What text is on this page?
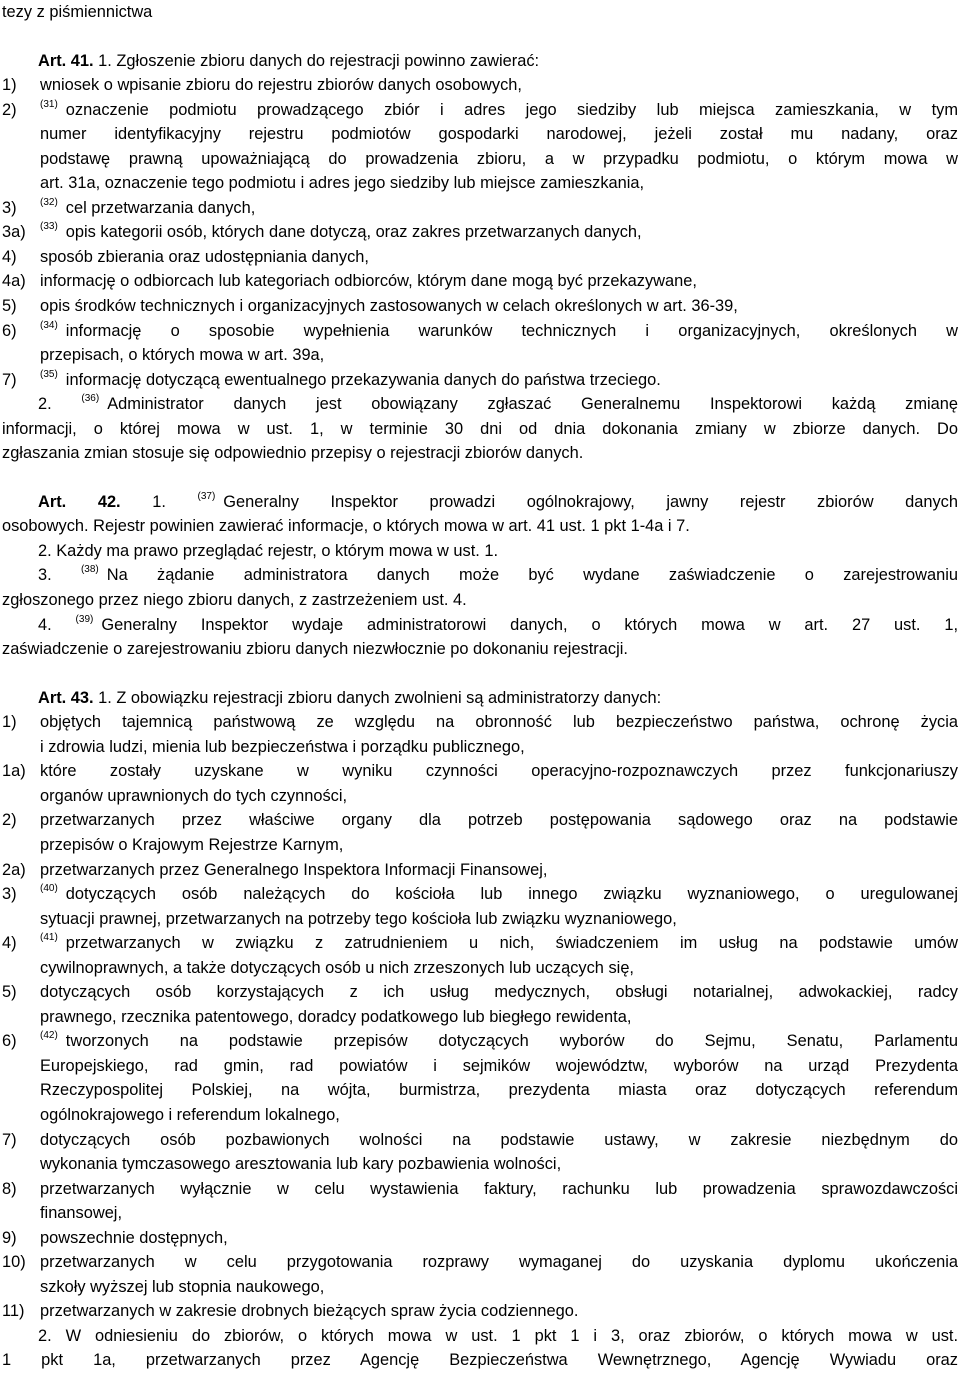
tezy z piśmiennictwa
Art. 41. 1. Zgłoszenie zbioru danych do rejestracji powinno zawierać:
1) wniosek o wpisanie zbioru do rejestru zbiorów danych osobowych,
2) $^{(31)}$ oznaczenie podmiotu prowadzącego zbiór i adres jego siedziby lub miejsca zamieszkania, w tym
numer identyfikacyjny rejestru podmiotów gospodarki narodowej, jeżeli został mu nadany, oraz
podstawę prawną upoważniającą do prowadzenia zbioru, a w przypadku podmiotu, o którym mowa w
art. 31a, oznaczenie tego podmiotu i adres jego siedziby lub miejsce zamieszkania,
3) $^{(32)}$ cel przetwarzania danych,
3a) $^{(33)}$ opis kategorii osób, których dane dotyczą, oraz zakres przetwarzanych danych,
4) sposób zbierania oraz udostępniania danych,
4a) informację o odbiorcach lub kategoriach odbiorców, którym dane mogą być przekazywane,
5) opis środków technicznych i organizacyjnych zastosowanych w celach określonych w art. 36-39,
6) $^{(34)}$ informację o sposobie wypełnienia warunków technicznych i organizacyjnych, określonych w
przepisach, o których mowa w art. 39a,
7) $^{(35)}$ informację dotyczącą ewentualnego przekazywania danych do państwa trzeciego.
2.	$^{(36)}$ Administrator danych jest obowiązany zgłaszać Generalnemu Inspektorowi każdą zmianę
informacji, o której mowa w ust. 1, w terminie 30 dni od dnia dokonania zmiany w zbiorze danych. Do
zgłaszania zmian stosuje się odpowiednio przepisy o rejestracji zbiorów danych.
Art. 42. 1.	$^{(37)}$ Generalny Inspektor prowadzi ogólnokrajowy, jawny rejestr zbiorów danych
osobowych. Rejestr powinien zawierać informacje, o których mowa w art. 41 ust. 1 pkt 1-4a i 7.
2. Każdy ma prawo przeglądać rejestr, o którym mowa w ust. 1.
3.	$^{(38)}$ Na żądanie administratora danych może być wydane zaświadczenie o zarejestrowaniu
zgłoszonego przez niego zbioru danych, z zastrzeżeniem ust. 4.
4. $^{(39)}$ Generalny Inspektor wydaje administratorowi danych, o których mowa w art. 27 ust. 1,
zaświadczenie o zarejestrowaniu zbioru danych niezwłocznie po dokonaniu rejestracji.
Art. 43. 1. Z obowiązku rejestracji zbioru danych zwolnieni są administratorzy danych:
1) objętych tajemnicą państwową ze względu na obronność lub bezpieczeństwo państwa, ochronę życia
i zdrowia ludzi, mienia lub bezpieczeństwa i porządku publicznego,
1a) które zostały uzyskane w wyniku czynności operacyjno-rozpoznawczych przez funkcjonariuszy
organów uprawnionych do tych czynności,
2) przetwarzanych przez właściwe organy dla potrzeb postępowania sądowego oraz na podstawie
przepisów o Krajowym Rejestrze Karnym,
2a) przetwarzanych przez Generalnego Inspektora Informacji Finansowej,
3) $^{(40)}$ dotyczących osób należących do kościoła lub innego związku wyznaniowego, o uregulowanej
sytuacji prawnej, przetwarzanych na potrzeby tego kościoła lub związku wyznaniowego,
4) $^{(41)}$ przetwarzanych w związku z zatrudnieniem u nich, świadczeniem im usług na podstawie umów
cywilnoprawnych, a także dotyczących osób u nich zrzeszonych lub uczących się,
5) dotyczących osób korzystających z ich usług medycznych, obsługi notarialnej, adwokackiej, radcy
prawnego, rzecznika patentowego, doradcy podatkowego lub biegłego rewidenta,
6) $^{(42)}$ tworzonych na podstawie przepisów dotyczących wyborów do Sejmu, Senatu, Parlamentu
Europejskiego, rad gmin, rad powiatów i sejmików województw, wyborów na urząd Prezydenta
Rzeczypospolitej Polskiej, na wójta, burmistrza, prezydenta miasta oraz dotyczących referendum
ogólnokrajowego i referendum lokalnego,
7) dotyczących osób pozbawionych wolności na podstawie ustawy, w zakresie niezbędnym do
wykonania tymczasowego aresztowania lub kary pozbawienia wolności,
8) przetwarzanych wyłącznie w celu wystawienia faktury, rachunku lub prowadzenia sprawozdawczości
finansowej,
9) powszechnie dostępnych,
10) przetwarzanych w celu przygotowania rozprawy wymaganej do uzyskania dyplomu ukończenia
szkoły wyższej lub stopnia naukowego,
11) przetwarzanych w zakresie drobnych bieżących spraw życia codziennego.
2. W odniesieniu do zbiorów, o których mowa w ust. 1 pkt 1 i 3, oraz zbiorów, o których mowa w ust.
1 pkt 1a, przetwarzanych przez Agencję Bezpieczeństwa Wewnętrznego, Agencję Wywiadu oraz
